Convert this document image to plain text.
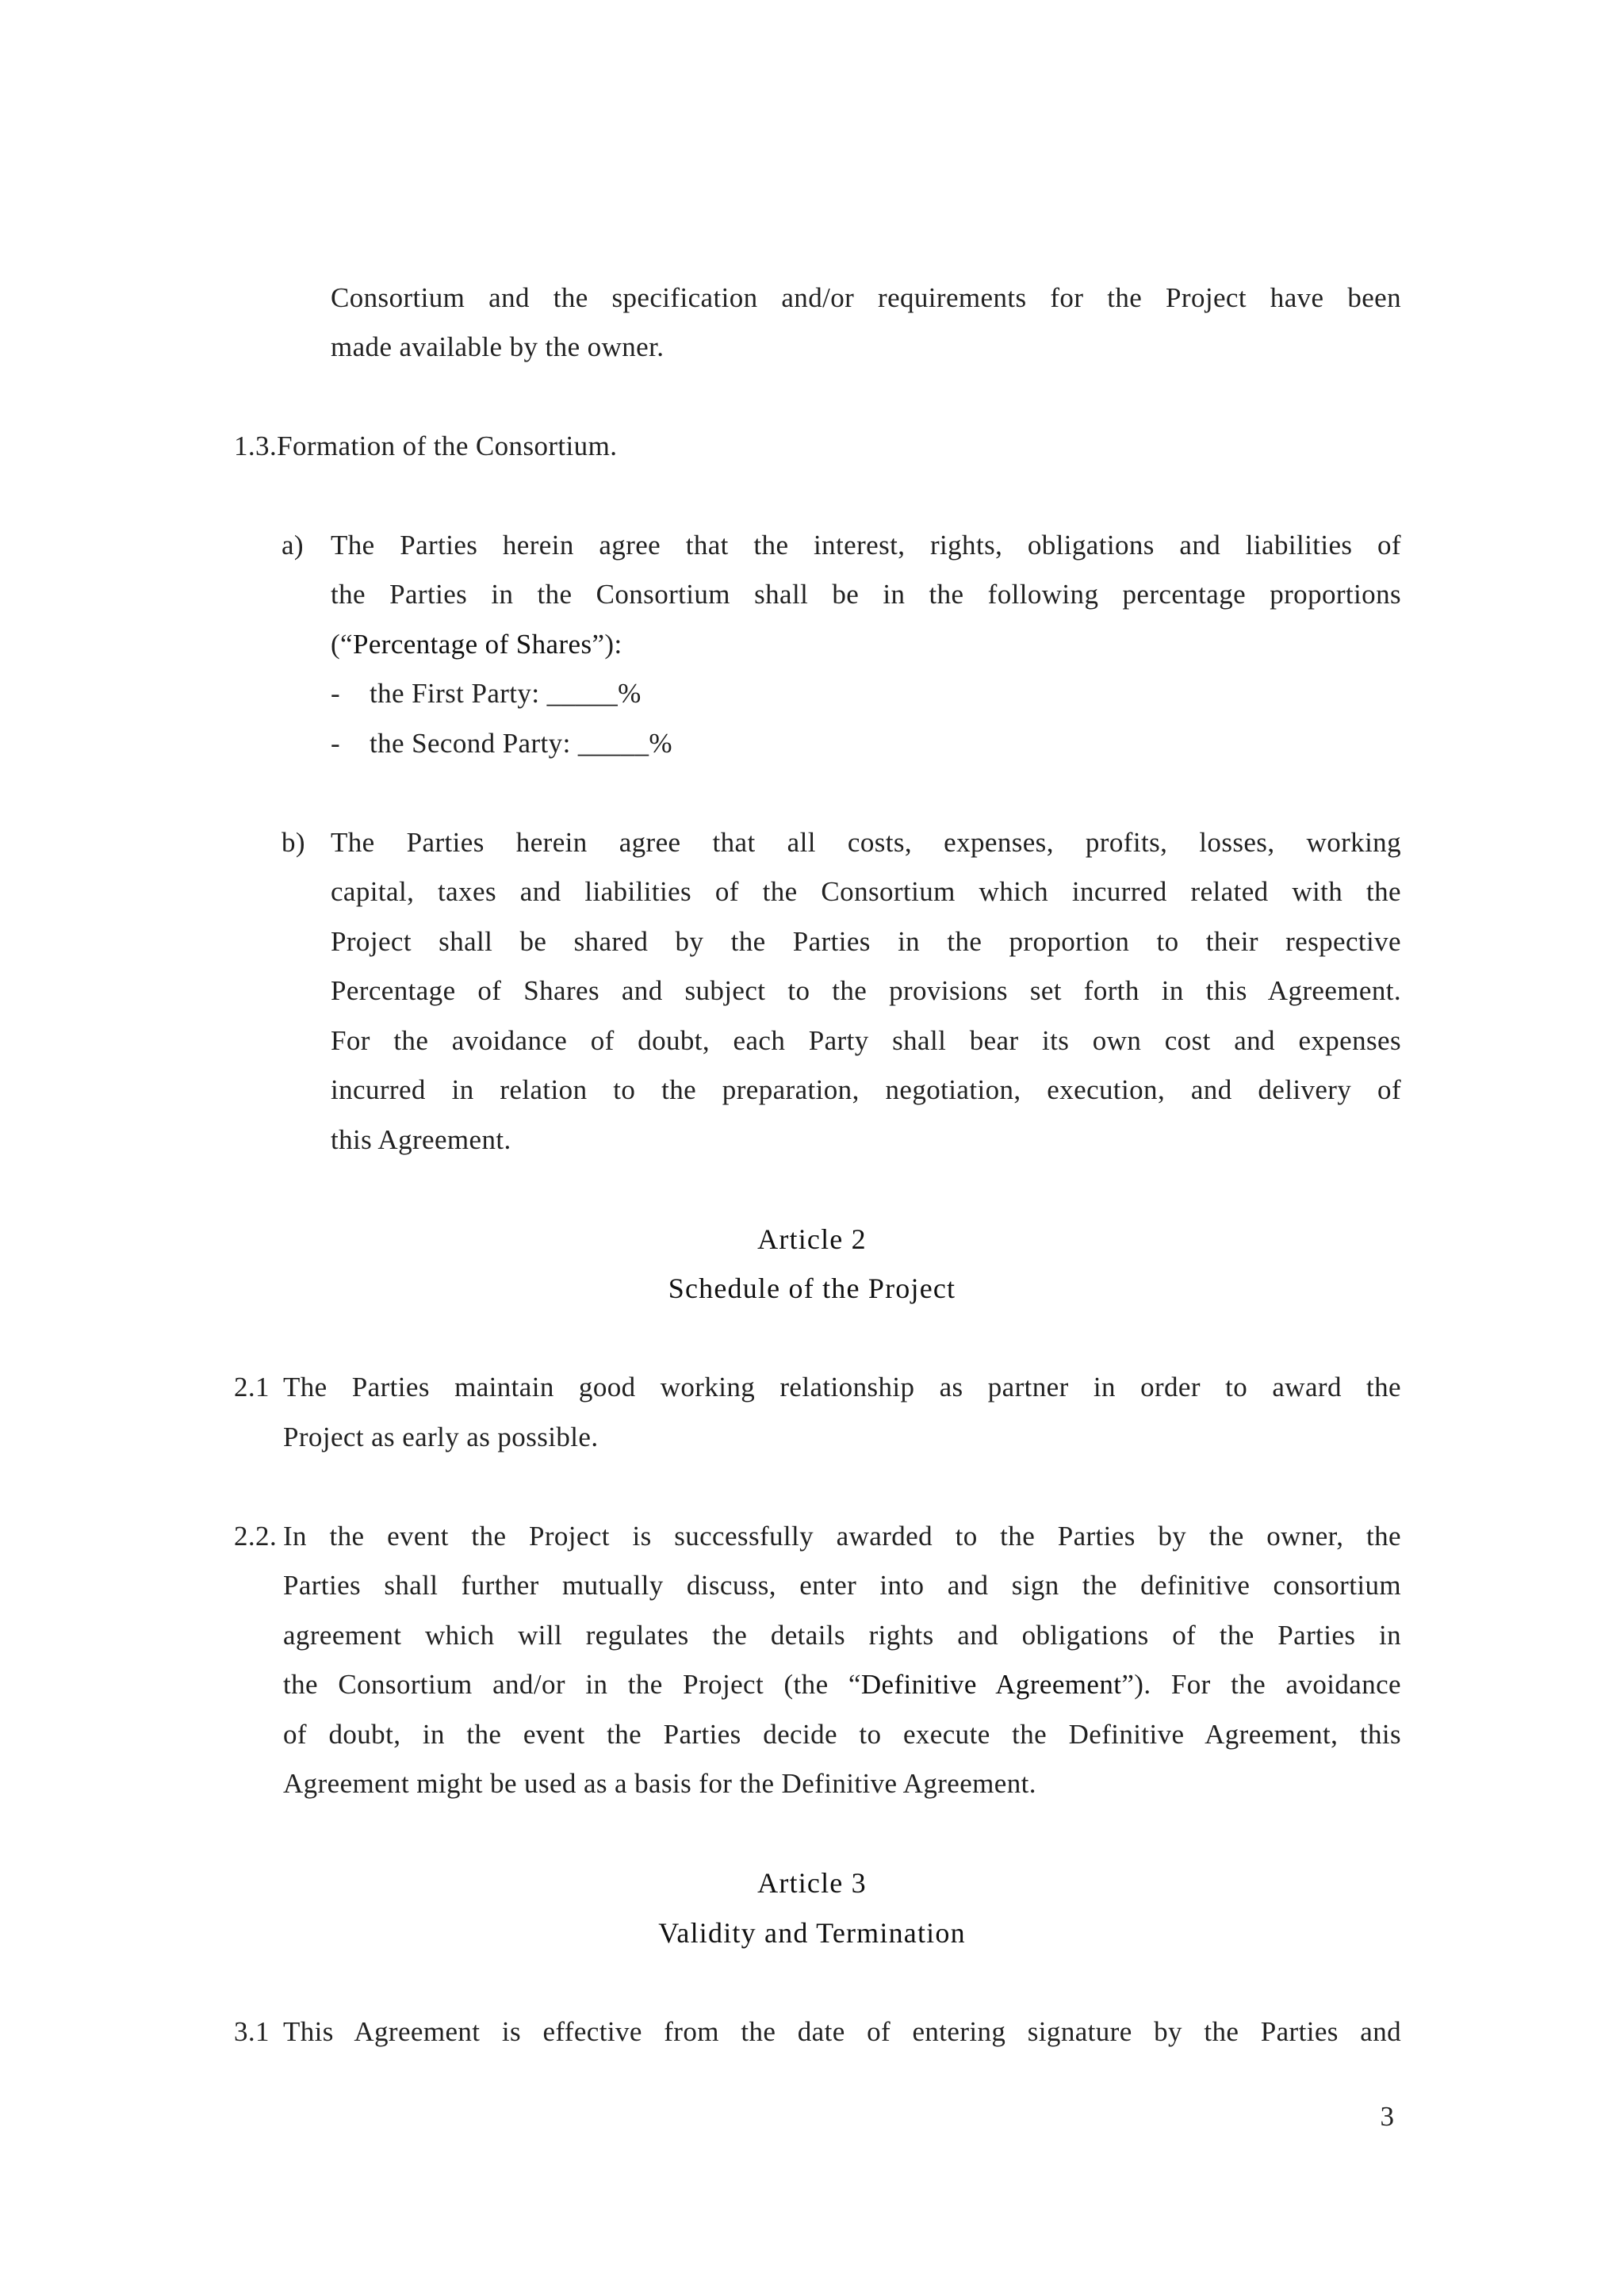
Consortium and the specification and/or requirements for the Project have been
made available by the owner.
1.3.Formation of the Consortium.
a) The Parties herein agree that the interest, rights, obligations and liabilities of
the Parties in the Consortium shall be in the following percentage proportions
(“Percentage of Shares”):
- the First Party: _____%
- the Second Party: _____%
b) The Parties herein agree that all costs, expenses, profits, losses, working
capital, taxes and liabilities of the Consortium which incurred related with the
Project shall be shared by the Parties in the proportion to their respective
Percentage of Shares and subject to the provisions set forth in this Agreement.
For the avoidance of doubt, each Party shall bear its own cost and expenses
incurred in relation to the preparation, negotiation, execution, and delivery of
this Agreement.
Article 2
Schedule of the Project
2.1 The Parties maintain good working relationship as partner in order to award the
Project as early as possible.
2.2. In the event the Project is successfully awarded to the Parties by the owner, the
Parties shall further mutually discuss, enter into and sign the definitive consortium
agreement which will regulates the details rights and obligations of the Parties in
the Consortium and/or in the Project (the “Definitive Agreement”). For the avoidance
of doubt, in the event the Parties decide to execute the Definitive Agreement, this
Agreement might be used as a basis for the Definitive Agreement.
Article 3
Validity and Termination
3.1 This Agreement is effective from the date of entering signature by the Parties and
3
